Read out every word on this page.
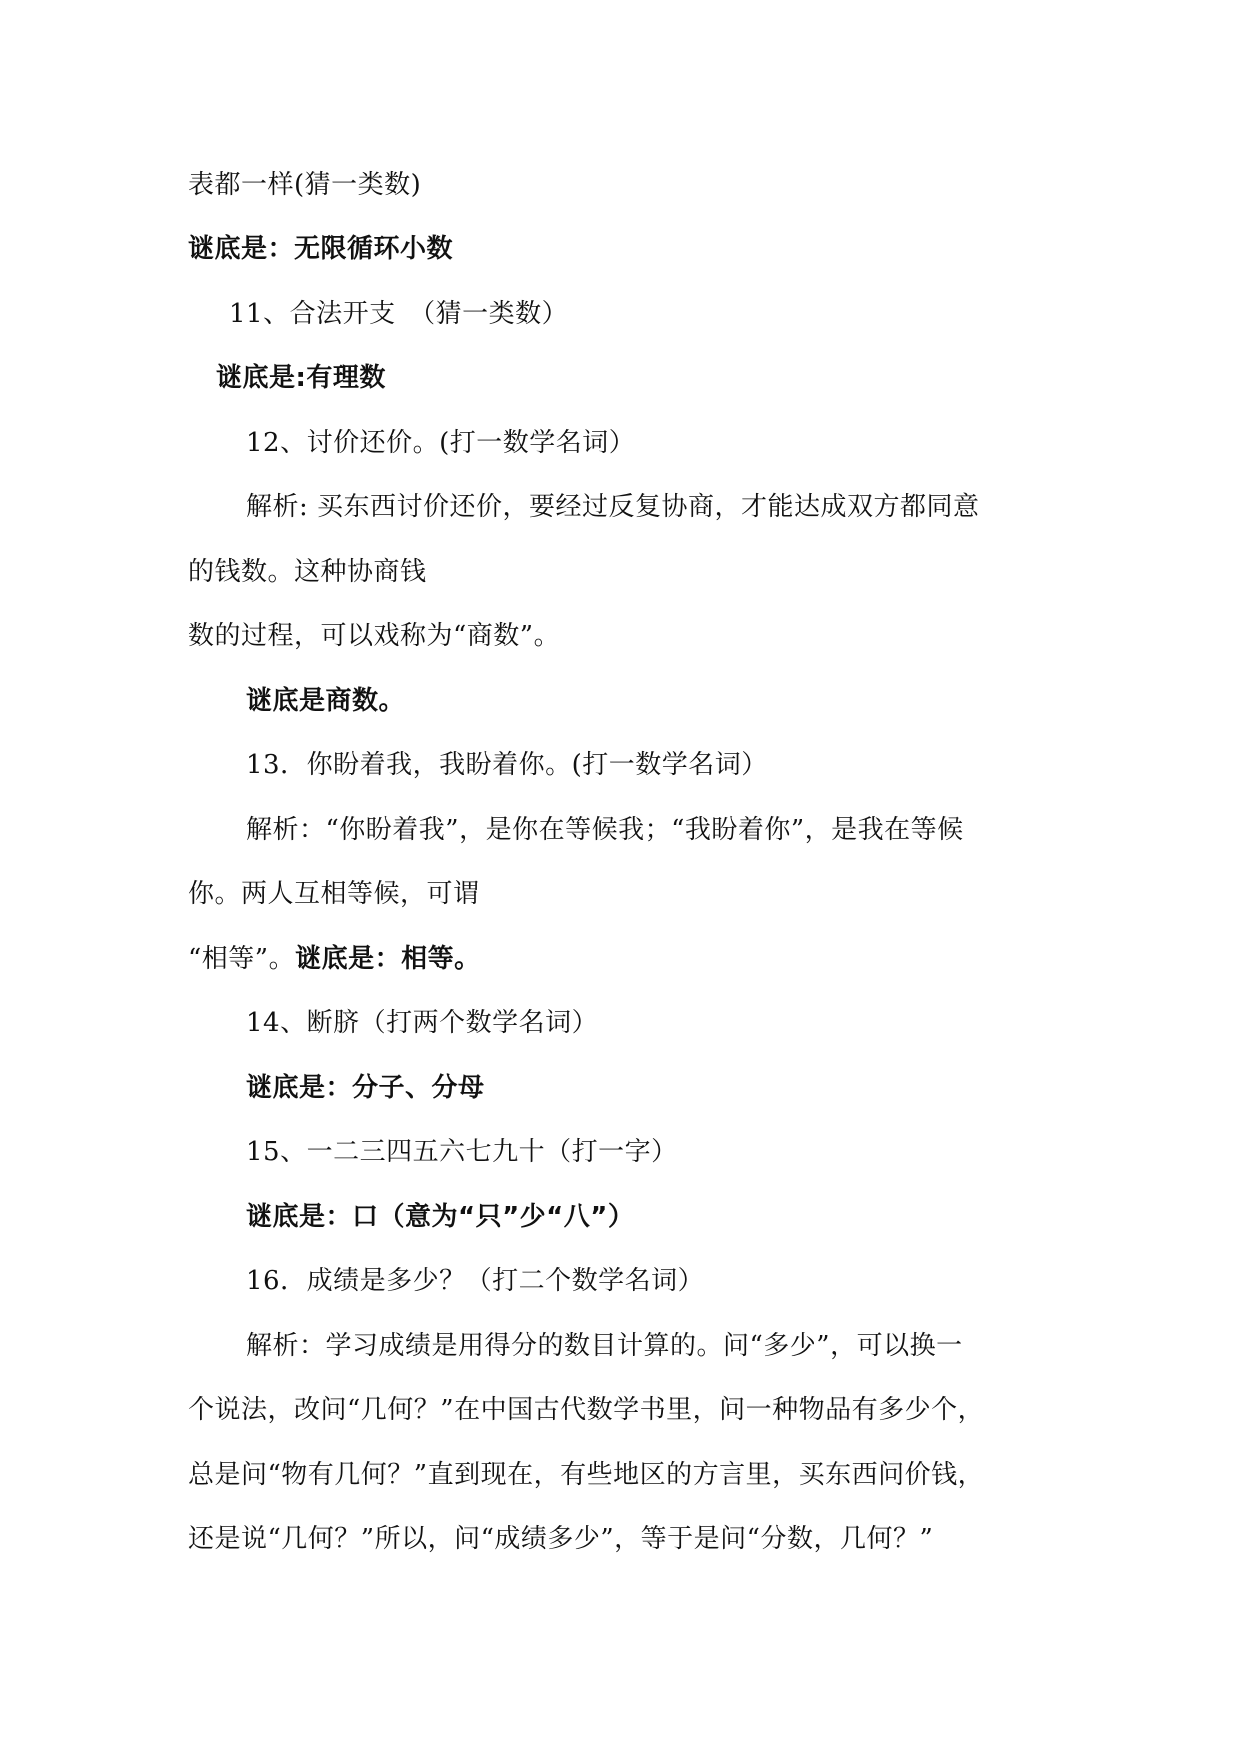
表都一样(猜一类数)
谜底是：无限循环小数
11、合法开支　（猜一类数）
谜底是:有理数
12、讨价还价。(打一数学名词）
解析: 买东西讨价还价，要经过反复协商，才能达成双方都同意
的钱数。这种协商钱
数的过程，可以戏称为“商数”。
谜底是商数。
13．你盼着我，我盼着你。(打一数学名词）
解析：“你盼着我”，是你在等候我；“我盼着你”，是我在等候
你。两人互相等候，可谓
“相等”。谜底是：相等。
14、断脐（打两个数学名词）
谜底是：分子、分母
15、一二三四五六七九十（打一字）
谜底是：口（意为“只”少“八”）
16．成绩是多少？（打二个数学名词）
解析：学习成绩是用得分的数目计算的。问“多少”，可以换一
个说法，改问“几何？”在中国古代数学书里，问一种物品有多少个，
总是问“物有几何？”直到现在，有些地区的方言里，买东西问价钱，
还是说“几何？”所以，问“成绩多少”，等于是问“分数，几何？”
